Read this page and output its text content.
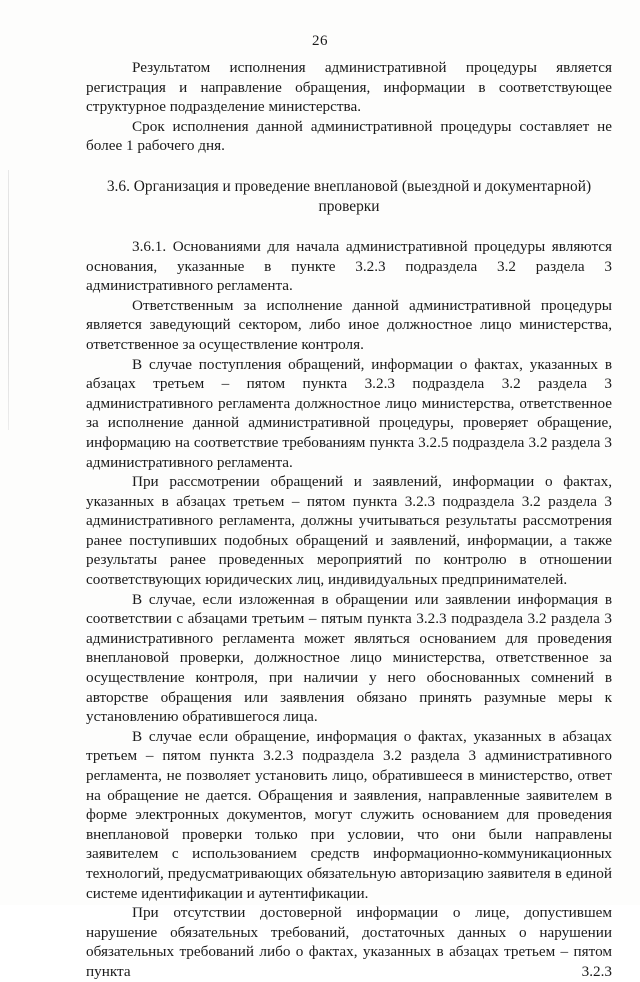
26

Результатом исполнения административной процедуры является регистрация и направление обращения, информации в соответствующее структурное подразделение министерства.

Срок исполнения данной административной процедуры составляет не более 1 рабочего дня.

3.6. Организация и проведение внеплановой (выездной и документарной)
проверки

3.6.1. Основаниями для начала административной процедуры являются основания, указанные в пункте 3.2.3 подраздела 3.2 раздела 3 административного регламента.

Ответственным за исполнение данной административной процедуры является заведующий сектором, либо иное должностное лицо министерства, ответственное за осуществление контроля.

В случае поступления обращений, информации о фактах, указанных в абзацах третьем – пятом пункта 3.2.3 подраздела 3.2 раздела 3 административного регламента должностное лицо министерства, ответственное за исполнение данной административной процедуры, проверяет обращение, информацию на соответствие требованиям пункта 3.2.5 подраздела 3.2 раздела 3 административного регламента.

При рассмотрении обращений и заявлений, информации о фактах, указанных в абзацах третьем – пятом пункта 3.2.3 подраздела 3.2 раздела 3 административного регламента, должны учитываться результаты рассмотрения ранее поступивших подобных обращений и заявлений, информации, а также результаты ранее проведенных мероприятий по контролю в отношении соответствующих юридических лиц, индивидуальных предпринимателей.

В случае, если изложенная в обращении или заявлении информация в соответствии с абзацами третьим – пятым пункта 3.2.3 подраздела 3.2 раздела 3 административного регламента может являться основанием для проведения внеплановой проверки, должностное лицо министерства, ответственное за осуществление контроля, при наличии у него обоснованных сомнений в авторстве обращения или заявления обязано принять разумные меры к установлению обратившегося лица.

В случае если обращение, информация о фактах, указанных в абзацах третьем – пятом пункта 3.2.3 подраздела 3.2 раздела 3 административного регламента, не позволяет установить лицо, обратившееся в министерство, ответ на обращение не дается. Обращения и заявления, направленные заявителем в форме электронных документов, могут служить основанием для проведения внеплановой проверки только при условии, что они были направлены заявителем с использованием средств информационно-коммуникационных технологий, предусматривающих обязательную авторизацию заявителя в единой системе идентификации и аутентификации.

При отсутствии достоверной информации о лице, допустившем нарушение обязательных требований, достаточных данных о нарушении обязательных требований либо о фактах, указанных в абзацах третьем – пятом пункта 3.2.3
